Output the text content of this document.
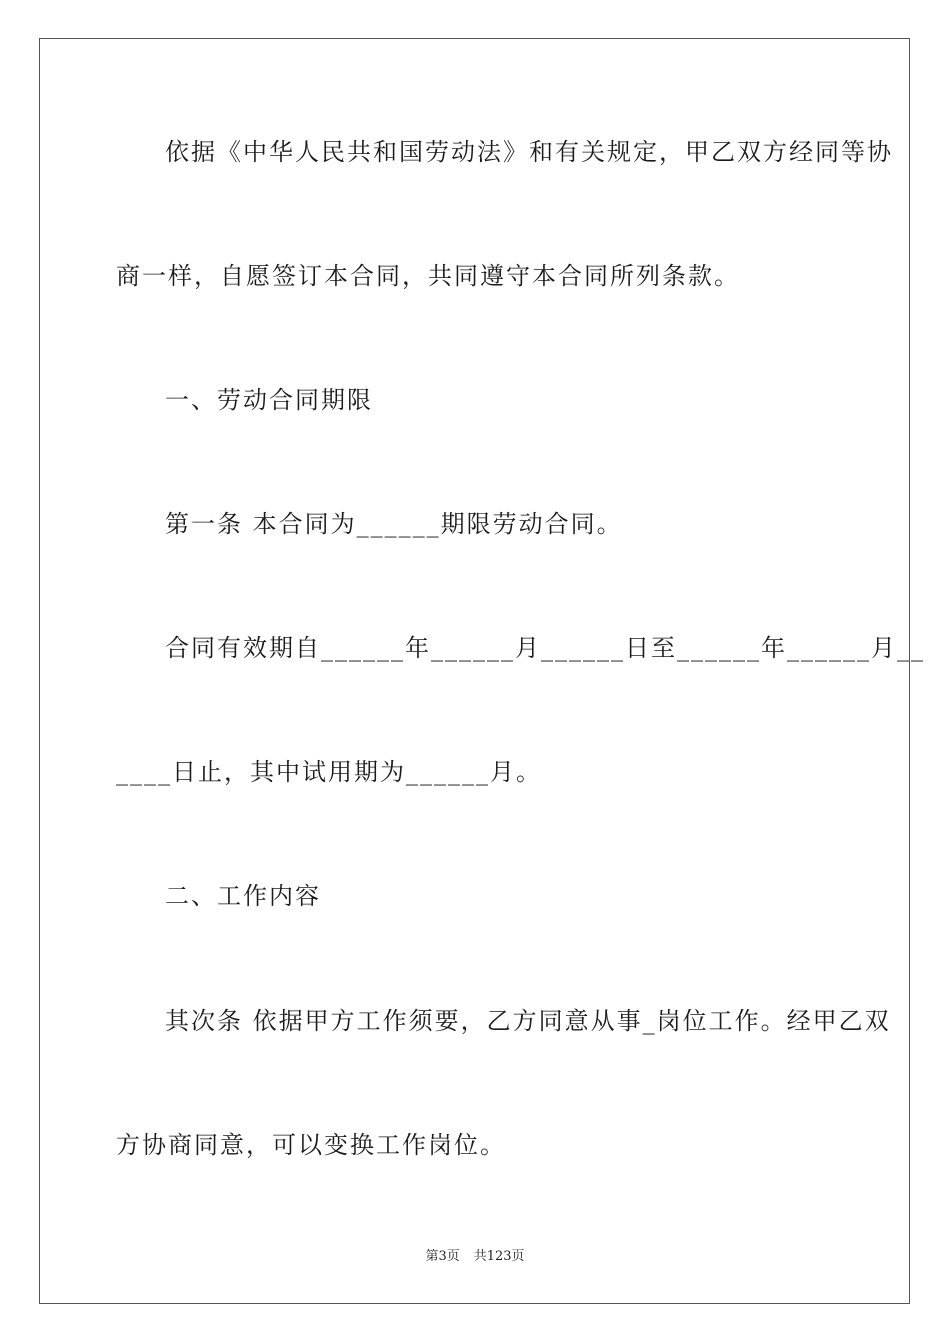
依据《中华人民共和国劳动法》和有关规定，甲乙双方经同等协
商一样，自愿签订本合同，共同遵守本合同所列条款。
一、劳动合同期限
第一条 本合同为______期限劳动合同。
合同有效期自______年______月______日至______年______月__
____日止，其中试用期为______月。
二、工作内容
其次条 依据甲方工作须要，乙方同意从事_岗位工作。经甲乙双
方协商同意，可以变换工作岗位。
第3页 共123页
